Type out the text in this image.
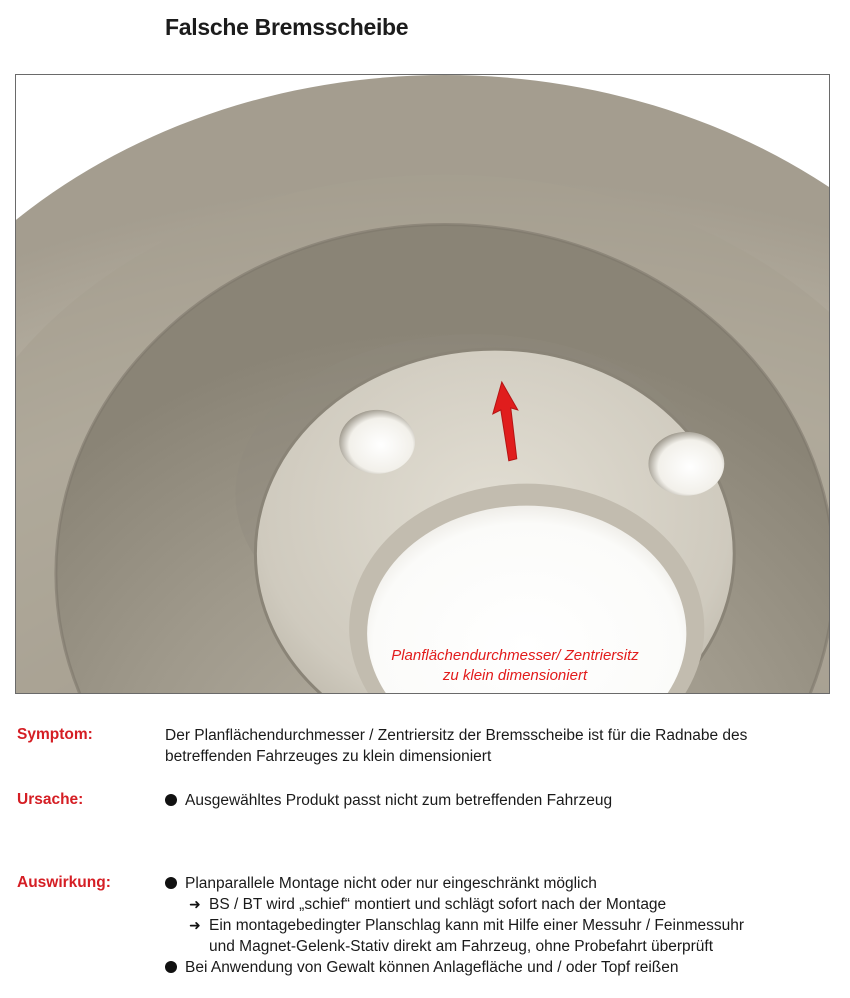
Falsche Bremsscheibe
Planflächendurchmesser/ Zentriersitz
zu klein dimensioniert
Symptom:	Der Planflächendurchmesser / Zentriersitz der Bremsscheibe ist für die Radnabe des
betreffenden Fahrzeuges zu klein dimensioniert
Ursache:	Ausgewähltes Produkt passt nicht zum betreffenden Fahrzeug
Auswirkung:	Planparallele Montage nicht oder nur eingeschränkt möglich
➜ BS / BT wird „schief“ montiert und schlägt sofort nach der Montage
➜ Ein montagebedingter Planschlag kann mit Hilfe einer Messuhr / Feinmessuhr
und Magnet-Gelenk-Stativ direkt am Fahrzeug, ohne Probefahrt überprüft
Bei Anwendung von Gewalt können Anlagefläche und / oder Topf reißen
